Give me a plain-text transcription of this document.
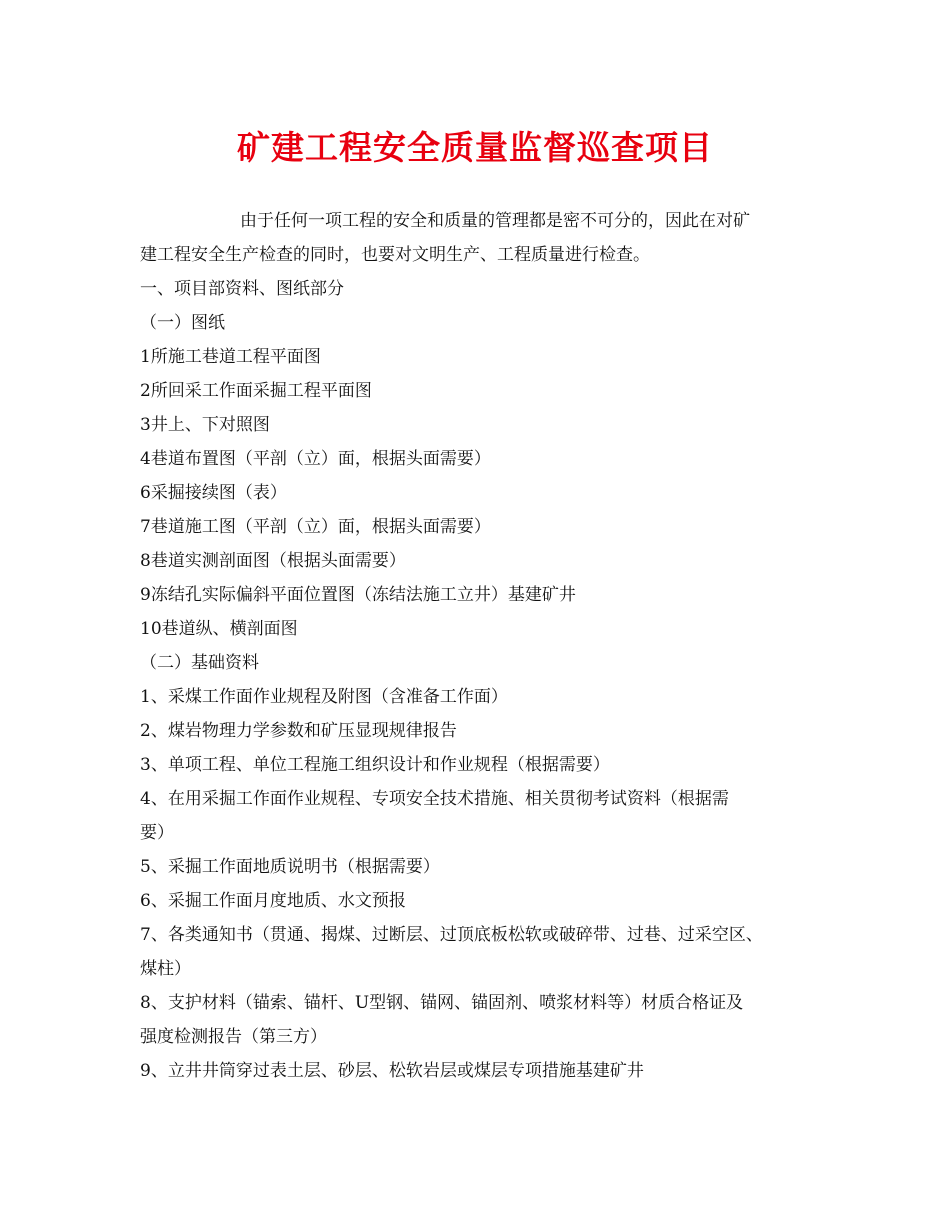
矿建工程安全质量监督巡查项目

由于任何一项工程的安全和质量的管理都是密不可分的，因此在对矿

建工程安全生产检查的同时，也要对文明生产、工程质量进行检查。

一、项目部资料、图纸部分

（一）图纸

1所施工巷道工程平面图

2所回采工作面采掘工程平面图

3井上、下对照图

4巷道布置图（平剖（立）面，根据头面需要）

6采掘接续图（表）

7巷道施工图（平剖（立）面，根据头面需要）

8巷道实测剖面图（根据头面需要）

9冻结孔实际偏斜平面位置图（冻结法施工立井）基建矿井

10巷道纵、横剖面图

（二）基础资料

1、采煤工作面作业规程及附图（含准备工作面）

2、煤岩物理力学参数和矿压显现规律报告

3、单项工程、单位工程施工组织设计和作业规程（根据需要）

4、在用采掘工作面作业规程、专项安全技术措施、相关贯彻考试资料（根据需

要）

5、采掘工作面地质说明书（根据需要）

6、采掘工作面月度地质、水文预报

7、各类通知书（贯通、揭煤、过断层、过顶底板松软或破碎带、过巷、过采空区、

煤柱）

8、支护材料（锚索、锚杆、U型钢、锚网、锚固剂、喷浆材料等）材质合格证及

强度检测报告（第三方）

9、立井井筒穿过表土层、砂层、松软岩层或煤层专项措施基建矿井
